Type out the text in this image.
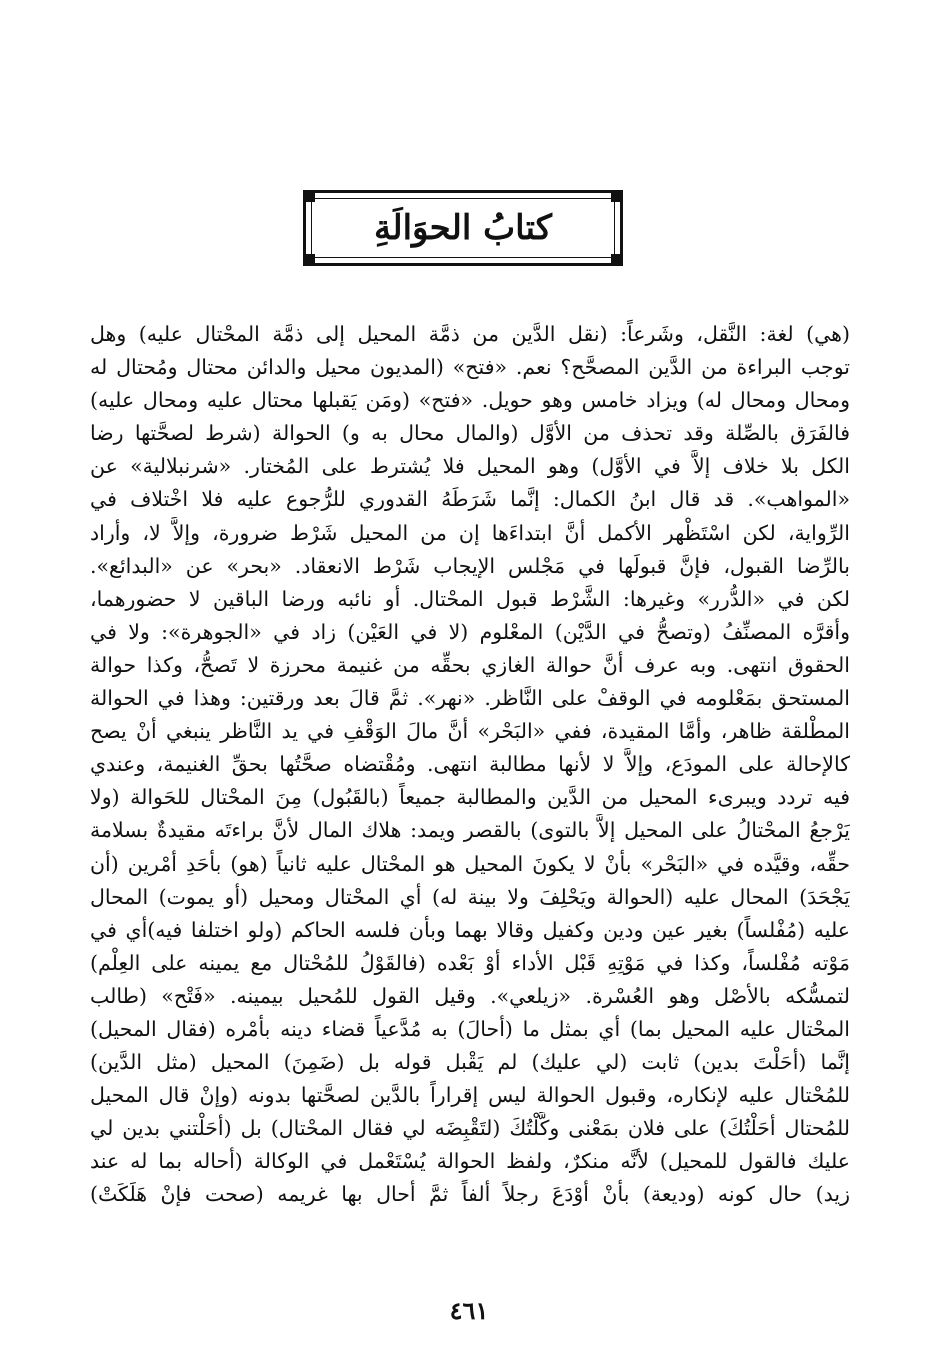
كتابُ الحوَالَةِ
(هي) لغة: النَّقل، وشَرعاً: (نقل الدَّين من ذمَّة المحيل إلى ذمَّة المحْتال عليه) وهل
توجب البراءة من الدَّين المصحَّح؟ نعم. «فتح» (المديون محيل والدائن محتال ومُحتال له
ومحال ومحال له) ويزاد خامس وهو حويل. «فتح» (ومَن يَقبلها محتال عليه ومحال عليه)
فالفَرَق بالصِّلة وقد تحذف من الأوَّل (والمال محال به و) الحوالة (شرط لصحَّتها رضا
الكل بلا خلاف إلاَّ في الأوَّل) وهو المحيل فلا يُشترط على المُختار. «شرنبلالية» عن
«المواهب». قد قال ابنُ الكمال: إنَّما شَرَطَهُ القدوري للرُّجوع عليه فلا اخْتلاف في
الرِّواية، لكن اسْتَظْهر الأكمل أنَّ ابتداءَها إن من المحيل شَرْط ضرورة، وإلاَّ لا، وأراد
بالرِّضا القبول، فإنَّ قبولَها في مَجْلس الإيجاب شَرْط الانعقاد. «بحر» عن «البدائع».
لكن في «الدُّرر» وغيرها: الشَّرْط قبول المحْتال. أو نائبه ورضا الباقين لا حضورهما،
وأقرَّه المصنِّفُ (وتصحُّ في الدَّيْن) المعْلوم (لا في العَيْن) زاد في «الجوهرة»: ولا في
الحقوق انتهى. وبه عرف أنَّ حوالة الغازي بحقِّه من غنيمة محرزة لا تَصحُّ، وكذا حوالة
المستحق بمَعْلومه في الوقفْ على النَّاظر. «نهر». ثمَّ قالَ بعد ورقتين: وهذا في الحوالة
المطْلقة ظاهر، وأمَّا المقيدة، ففي «البَحْر» أنَّ مالَ الوَقْفِ في يد النَّاظر ينبغي أنْ يصح
كالإحالة على المودَع، وإلاَّ لا لأنها مطالبة انتهى. ومُقْتضاه صحَّتُها بحقِّ الغنيمة، وعندي
فيه تردد ويبرىء المحيل من الدَّين والمطالبة جميعاً (بالقَبُول) مِنَ المحْتال للحَوالة (ولا
يَرْجعُ المحْتالُ على المحيل إلاَّ بالتوى) بالقصر ويمد: هلاك المال لأنَّ براءتَه مقيدةٌ بسلامة
حقِّه، وقيَّده في «البَحْر» بأنْ لا يكونَ المحيل هو المحْتال عليه ثانياً (هو) بأحَدِ أمْرين (أن
يَجْحَدَ) المحال عليه (الحوالة ويَحْلِفَ ولا بينة له) أي المحْتال ومحيل (أو يموت) المحال
عليه (مُفْلساً) بغير عين ودين وكفيل وقالا بهما وبأن فلسه الحاكم (ولو اختلفا فيه)أي في
مَوْته مُفْلساً، وكذا في مَوْتِهِ قَبْل الأداء أوْ بَعْده (فالقَوْلُ للمُحْتال مع يمينه على العِلْم)
لتمسُّكه بالأصْل وهو العُسْرة. «زيلعي». وقيل القول للمُحيل بيمينه. «فَتْح» (طالب
المحْتال عليه المحيل بما) أي بمثل ما (أحالَ) به مُدَّعياً قضاء دينه بأمْره (فقال المحيل)
إنَّما (أحَلْتَ بدين) ثابت (لي عليك) لم يَقْبل قوله بل (ضَمِنَ) المحيل (مثل الدَّين)
للمُحْتال عليه لإنكاره، وقبول الحوالة ليس إقراراً بالدَّين لصحَّتها بدونه (وإنْ قال المحيل
للمُحتال أحَلْتُكَ) على فلان بمَعْنى وكَّلْتُكَ (لتَقْبِضَه لي فقال المحْتال) بل (أحَلْتني بدين لي
عليك فالقول للمحيل) لأنَّه منكرٌ، ولفظ الحوالة يُسْتَعْمل في الوكالة (أحاله بما له عند
زيد) حال كونه (وديعة) بأنْ أوْدَعَ رجلاً ألفاً ثمَّ أحال بها غريمه (صحت فإنْ هَلَكَتْ)
٤٦١
